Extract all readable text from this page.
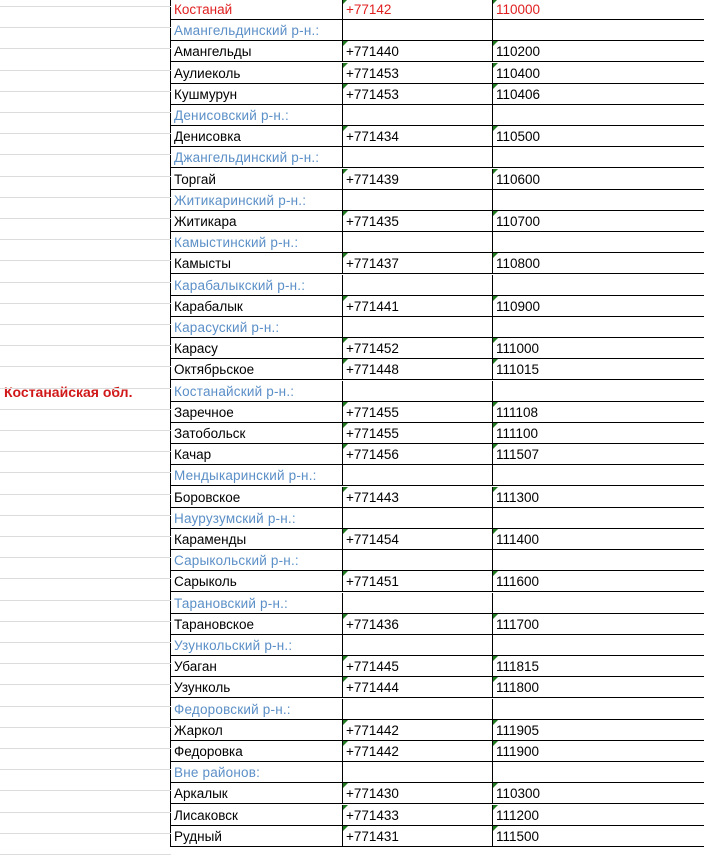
Костанайская обл.
Костанай	+77142	110000
Амангельдинский р-н.:
Амангельды	+771440	110200
Аулиеколь	+771453	110400
Кушмурун	+771453	110406
Денисовский р-н.:
Денисовка	+771434	110500
Джангельдинский р-н.:
Торгай	+771439	110600
Житикаринский р-н.:
Житикара	+771435	110700
Камыстинский р-н.:
Камысты	+771437	110800
Карабалыкский р-н.:
Карабалык	+771441	110900
Карасуский р-н.:
Карасу	+771452	111000
Октябрьское	+771448	111015
Костанайский р-н.:
Заречное	+771455	111108
Затобольск	+771455	111100
Качар	+771456	111507
Мендыкаринский р-н.:
Боровское	+771443	111300
Наурузумский р-н.:
Караменды	+771454	111400
Сарыкольский р-н.:
Сарыколь	+771451	111600
Тарановский р-н.:
Тарановское	+771436	111700
Узункольский р-н.:
Убаган	+771445	111815
Узунколь	+771444	111800
Федоровский р-н.:
Жаркол	+771442	111905
Федоровка	+771442	111900
Вне районов:
Аркалык	+771430	110300
Лисаковск	+771433	111200
Рудный	+771431	111500
